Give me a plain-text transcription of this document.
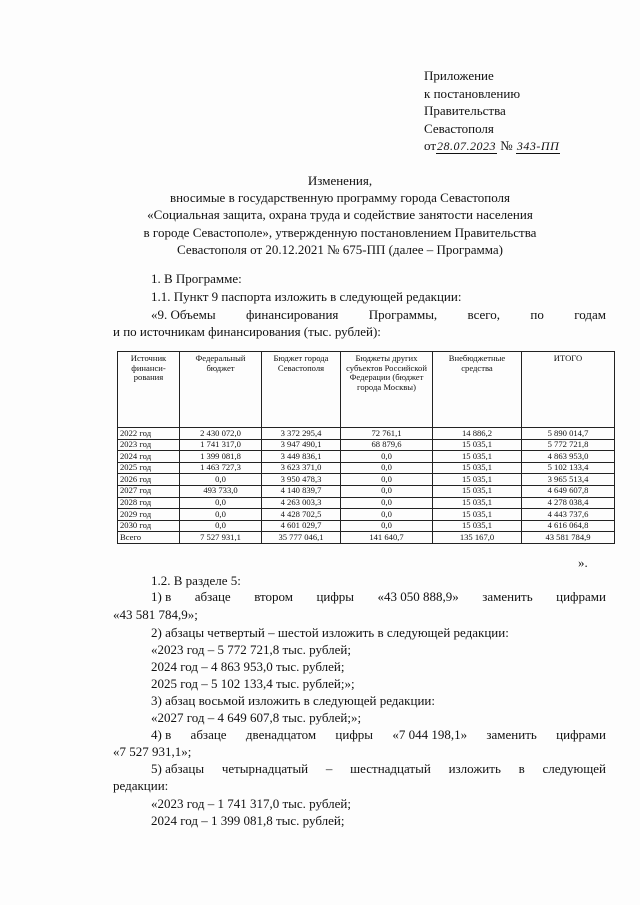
Приложение
к постановлению
Правительства
Севастополя
от28.07.2023 № 343-ПП
Изменения,
вносимые в государственную программу города Севастополя
«Социальная защита, охрана труда и содействие занятости населения
в городе Севастополе», утвержденную постановлением Правительства
Севастополя от 20.12.2021 № 675-ПП (далее – Программа)
1. В Программе:
1.1. Пункт 9 паспорта изложить в следующей редакции:
«9. Объемы финансирования Программы, всего, по годам
и по источникам финансирования (тыс. рублей):
Источник финанси-рования	Федеральный бюджет	Бюджет города Севастополя	Бюджеты других субъектов Российской Федерации (бюджет города Москвы)	Внебюджетные средства	ИТОГО
2022 год	2 430 072,0	3 372 295,4	72 761,1	14 886,2	5 890 014,7
2023 год	1 741 317,0	3 947 490,1	68 879,6	15 035,1	5 772 721,8
2024 год	1 399 081,8	3 449 836,1	0,0	15 035,1	4 863 953,0
2025 год	1 463 727,3	3 623 371,0	0,0	15 035,1	5 102 133,4
2026 год	0,0	3 950 478,3	0,0	15 035,1	3 965 513,4
2027 год	493 733,0	4 140 839,7	0,0	15 035,1	4 649 607,8
2028 год	0,0	4 263 003,3	0,0	15 035,1	4 278 038,4
2029 год	0,0	4 428 702,5	0,0	15 035,1	4 443 737,6
2030 год	0,0	4 601 029,7	0,0	15 035,1	4 616 064,8
Всего	7 527 931,1	35 777 046,1	141 640,7	135 167,0	43 581 784,9
».
1.2. В разделе 5:
1) в абзаце втором цифры «43 050 888,9» заменить цифрами
«43 581 784,9»;
2) абзацы четвертый – шестой изложить в следующей редакции:
«2023 год – 5 772 721,8 тыс. рублей;
2024 год – 4 863 953,0 тыс. рублей;
2025 год – 5 102 133,4 тыс. рублей;»;
3) абзац восьмой изложить в следующей редакции:
«2027 год – 4 649 607,8 тыс. рублей;»;
4) в абзаце двенадцатом цифры «7 044 198,1» заменить цифрами
«7 527 931,1»;
5) абзацы четырнадцатый – шестнадцатый изложить в следующей
редакции:
«2023 год – 1 741 317,0 тыс. рублей;
2024 год – 1 399 081,8 тыс. рублей;
